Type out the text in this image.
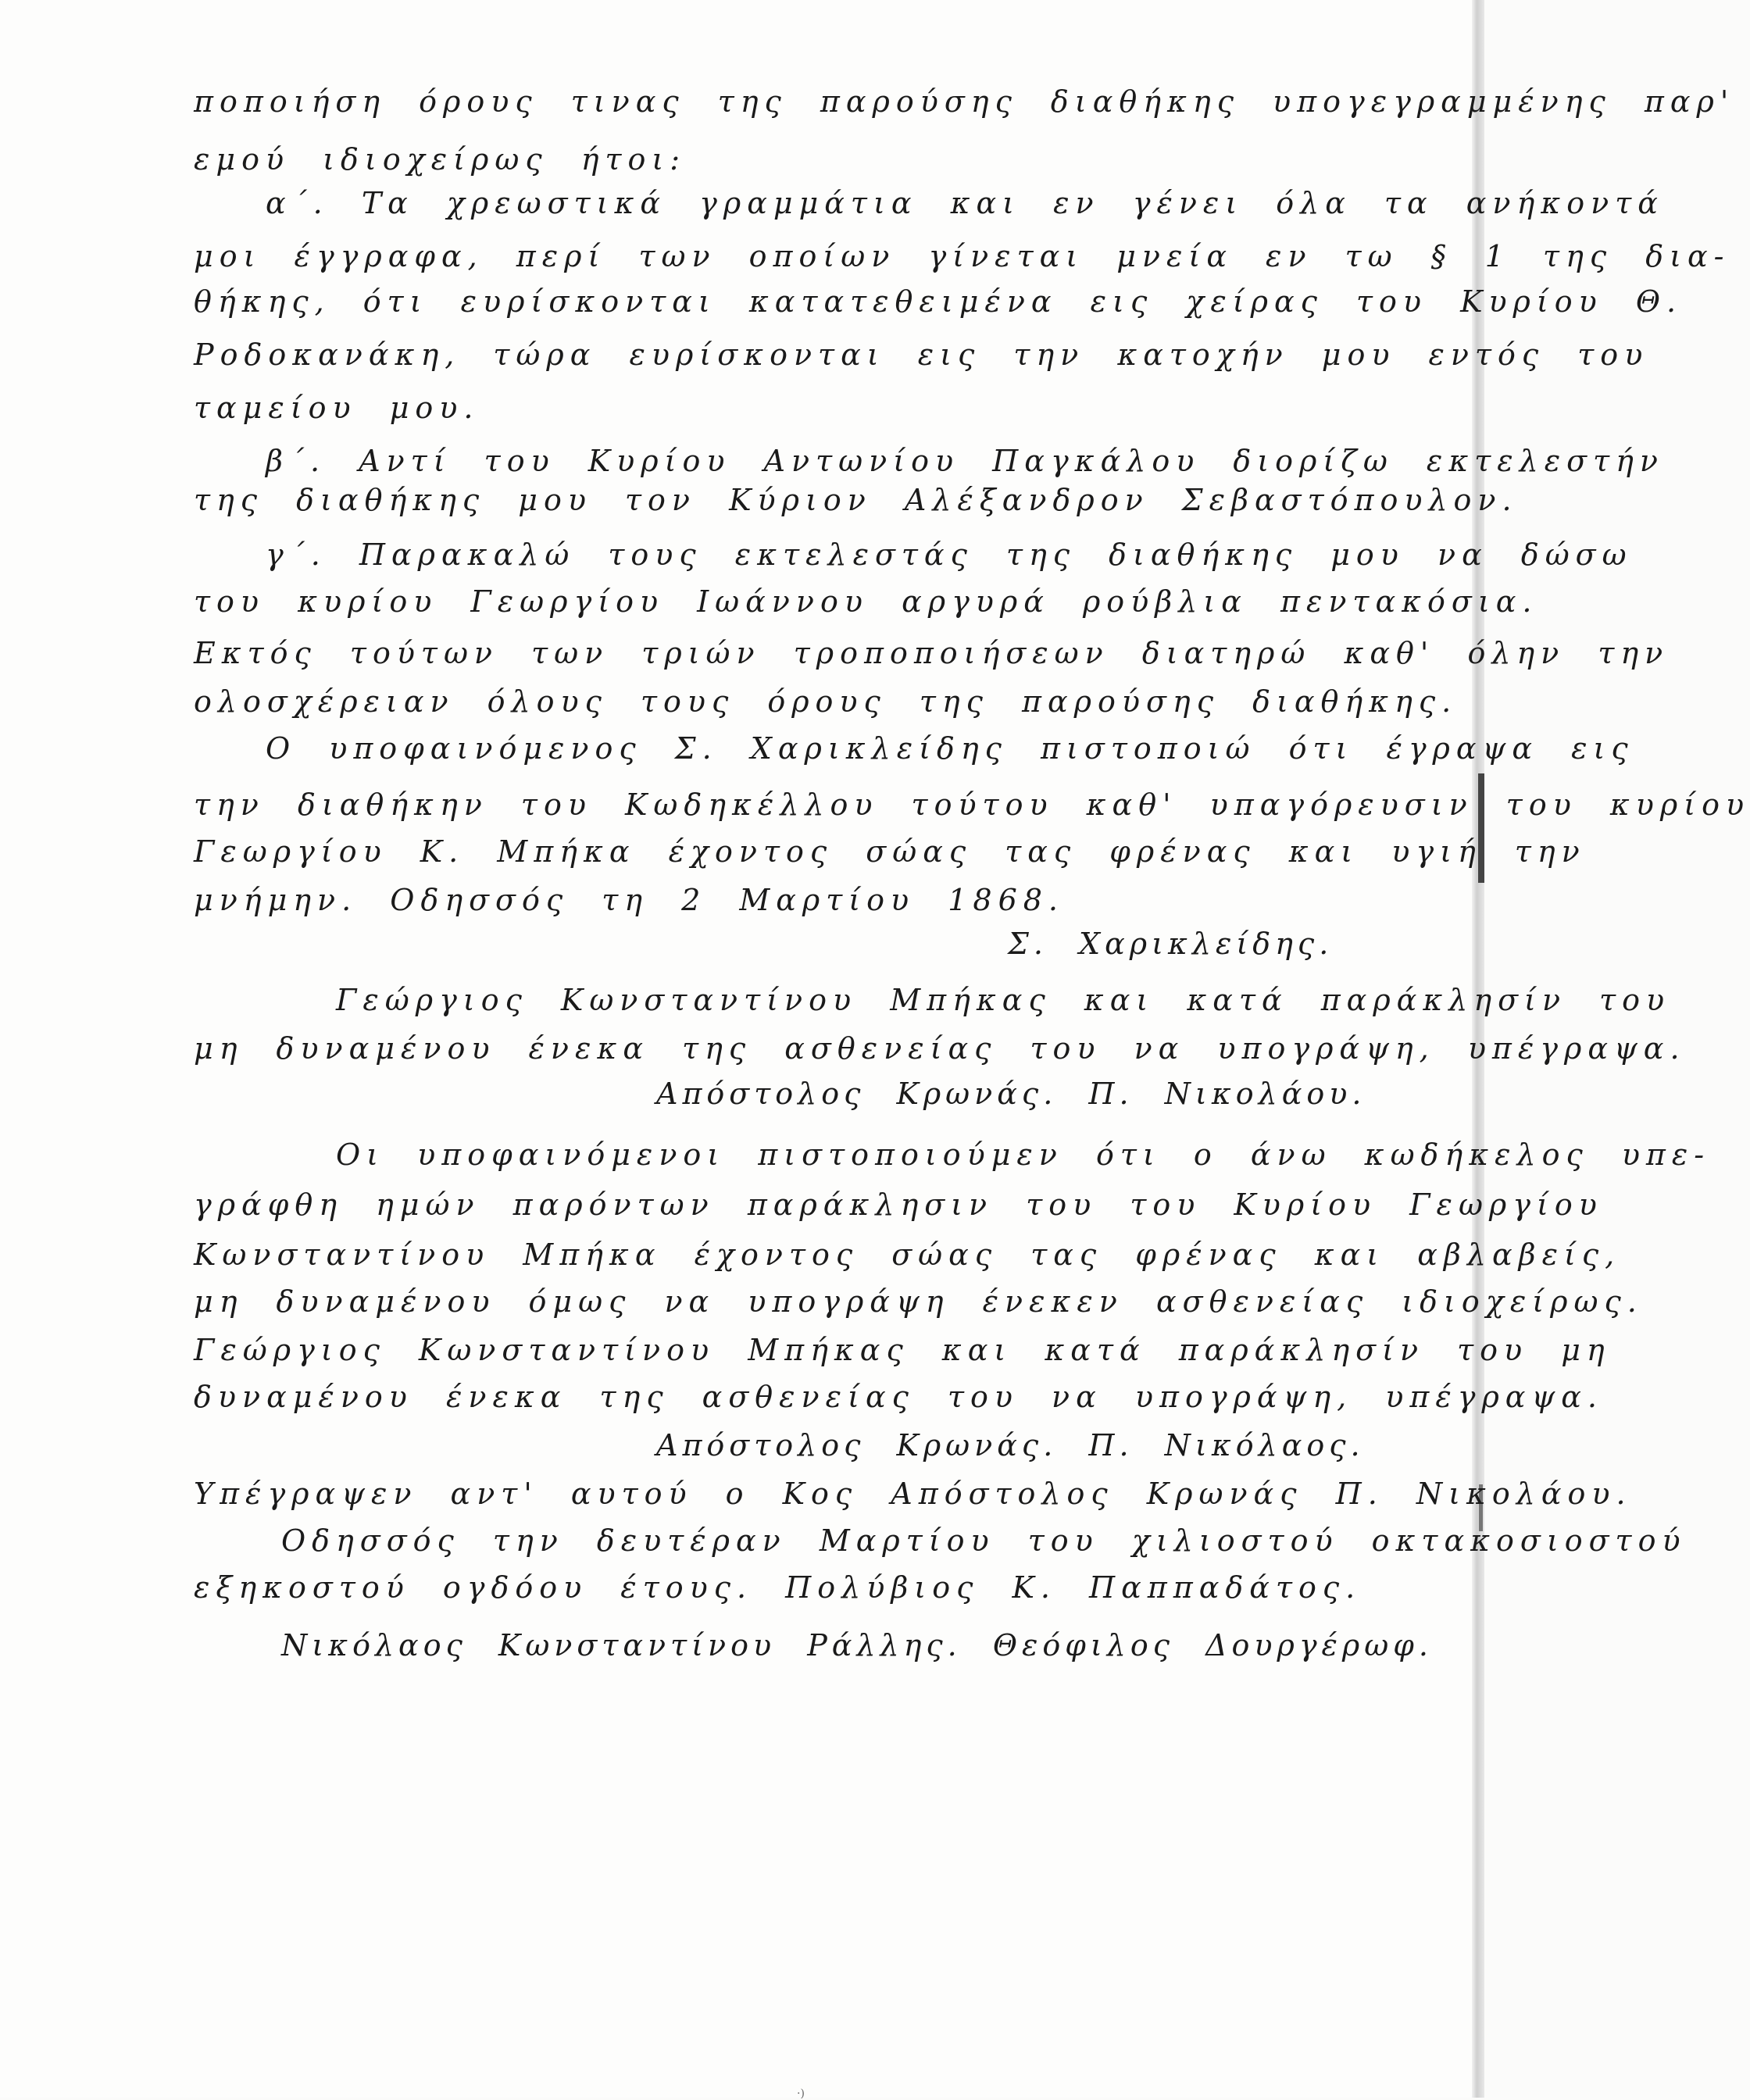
ποποιήση όρους τινας της παρούσης διαθήκης υπογεγραμμένης παρ'
εμού ιδιοχείρως ήτοι:
α΄. Τα χρεωστικά γραμμάτια και εν γένει όλα τα ανήκοντά
μοι έγγραφα, περί των οποίων γίνεται μνεία εν τω § 1 της δια-
θήκης, ότι ευρίσκονται κατατεθειμένα εις χείρας του Κυρίου Θ.
Ροδοκανάκη, τώρα ευρίσκονται εις την κατοχήν μου εντός του
ταμείου μου.
β΄. Αντί του Κυρίου Αντωνίου Παγκάλου διορίζω εκτελεστήν
της διαθήκης μου τον Κύριον Αλέξανδρον Σεβαστόπουλον.
γ΄. Παρακαλώ τους εκτελεστάς της διαθήκης μου να δώσω
του κυρίου Γεωργίου Ιωάννου αργυρά ρούβλια πεντακόσια.
Εκτός τούτων των τριών τροποποιήσεων διατηρώ καθ' όλην την
ολοσχέρειαν όλους τους όρους της παρούσης διαθήκης.
Ο υποφαινόμενος Σ. Χαρικλείδης πιστοποιώ ότι έγραψα εις
την διαθήκην του Κωδηκέλλου τούτου καθ' υπαγόρευσιν του κυρίου
Γεωργίου Κ. Μπήκα έχοντος σώας τας φρένας και υγιή την
μνήμην. Οδησσός τη 2 Μαρτίου 1868.
Σ. Χαρικλείδης.
Γεώργιος Κωνσταντίνου Μπήκας και κατά παράκλησίν του
μη δυναμένου ένεκα της ασθενείας του να υπογράψη, υπέγραψα.
Απόστολος Κρωνάς. Π. Νικολάου.
Οι υποφαινόμενοι πιστοποιούμεν ότι ο άνω κωδήκελος υπε-
γράφθη ημών παρόντων παράκλησιν του του Κυρίου Γεωργίου
Κωνσταντίνου Μπήκα έχοντος σώας τας φρένας και αβλαβείς,
μη δυναμένου όμως να υπογράψη ένεκεν ασθενείας ιδιοχείρως.
Γεώργιος Κωνσταντίνου Μπήκας και κατά παράκλησίν του μη
δυναμένου ένεκα της ασθενείας του να υπογράψη, υπέγραψα.
Απόστολος Κρωνάς. Π. Νικόλαος.
Υπέγραψεν αντ' αυτού ο Κος Απόστολος Κρωνάς Π. Νικολάου.
Οδησσός την δευτέραν Μαρτίου του χιλιοστού οκτακοσιοστού
εξηκοστού ογδόου έτους. Πολύβιος Κ. Παππαδάτος.
Νικόλαος Κωνσταντίνου Ράλλης. Θεόφιλος Δουργέρωφ.
·)
